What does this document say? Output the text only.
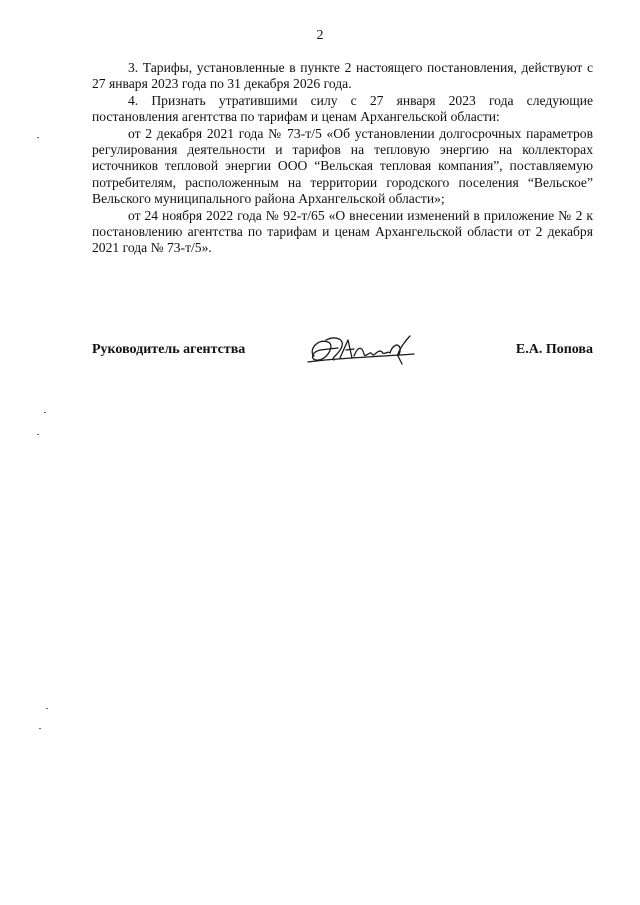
2

3. Тарифы, установленные в пункте 2 настоящего постановления, действуют с 27 января 2023 года по 31 декабря 2026 года.

4. Признать утратившими силу с 27 января 2023 года следующие постановления агентства по тарифам и ценам Архангельской области:

от 2 декабря 2021 года № 73-т/5 «Об установлении долгосрочных параметров регулирования деятельности и тарифов на тепловую энергию на коллекторах источников тепловой энергии ООО “Вельская тепловая компания”, поставляемую потребителям, расположенным на территории городского поселения “Вельское” Вельского муниципального района Архангельской области»;

от 24 ноября 2022 года № 92-т/65 «О внесении изменений в приложение № 2 к постановлению агентства по тарифам и ценам Архангельской области от 2 декабря 2021 года № 73-т/5».

Руководитель агентства	Е.А. Попова
